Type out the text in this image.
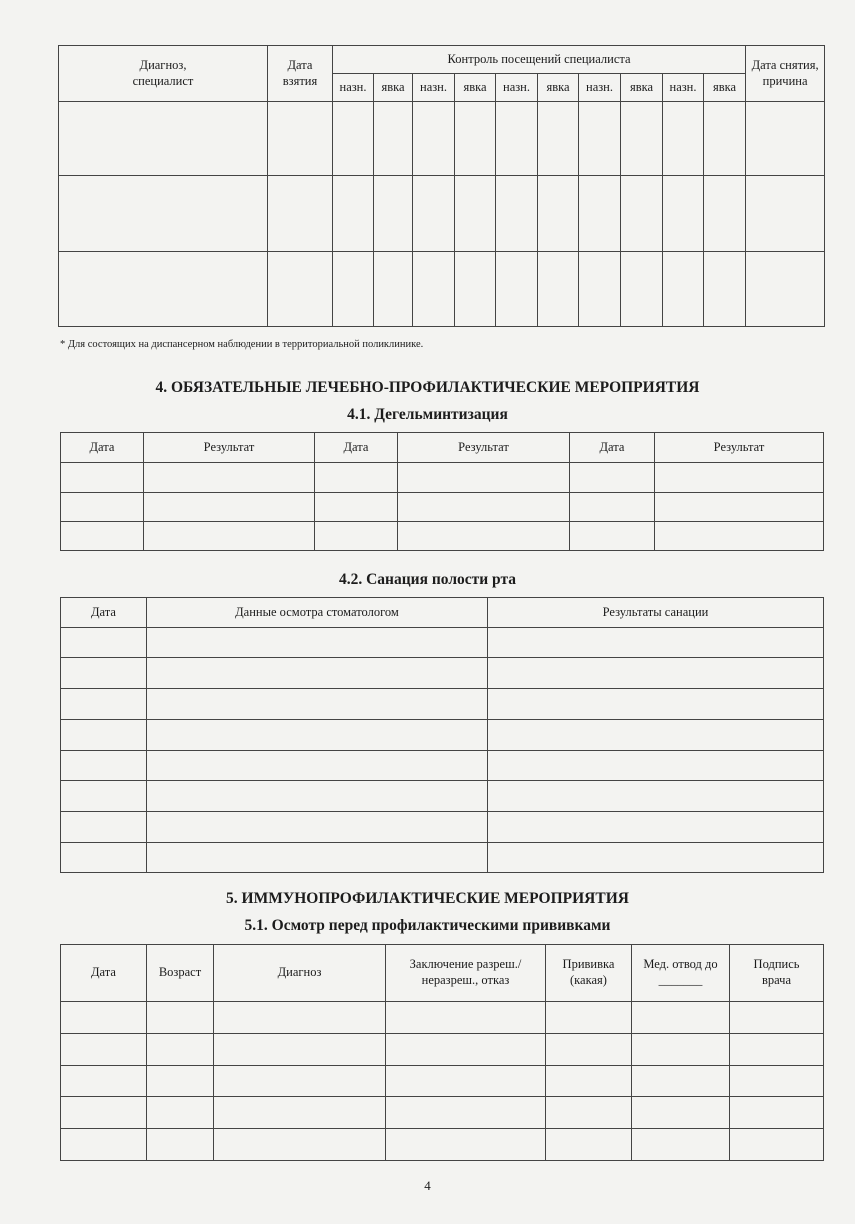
Диагноз, специалист	Дата взятия	Контроль посещений специалиста										Дата снятия, причина
		назн.	явка	назн.	явка	назн.	явка	назн.	явка	назн.	явка	

* Для состоящих на диспансерном наблюдении в территориальной поликлинике.
4. ОБЯЗАТЕЛЬНЫЕ ЛЕЧЕБНО-ПРОФИЛАКТИЧЕСКИЕ МЕРОПРИЯТИЯ
4.1. Дегельминтизация
Дата	Результат	Дата	Результат	Дата	Результат

4.2. Санация полости рта
Дата	Данные осмотра стоматологом	Результаты санации

5. ИММУНОПРОФИЛАКТИЧЕСКИЕ МЕРОПРИЯТИЯ
5.1. Осмотр перед профилактическими прививками
Дата	Возраст	Диагноз	Заключение разреш./неразреш., отказ	Прививка (какая)	Мед. отвод до _______	Подпись врача

4
